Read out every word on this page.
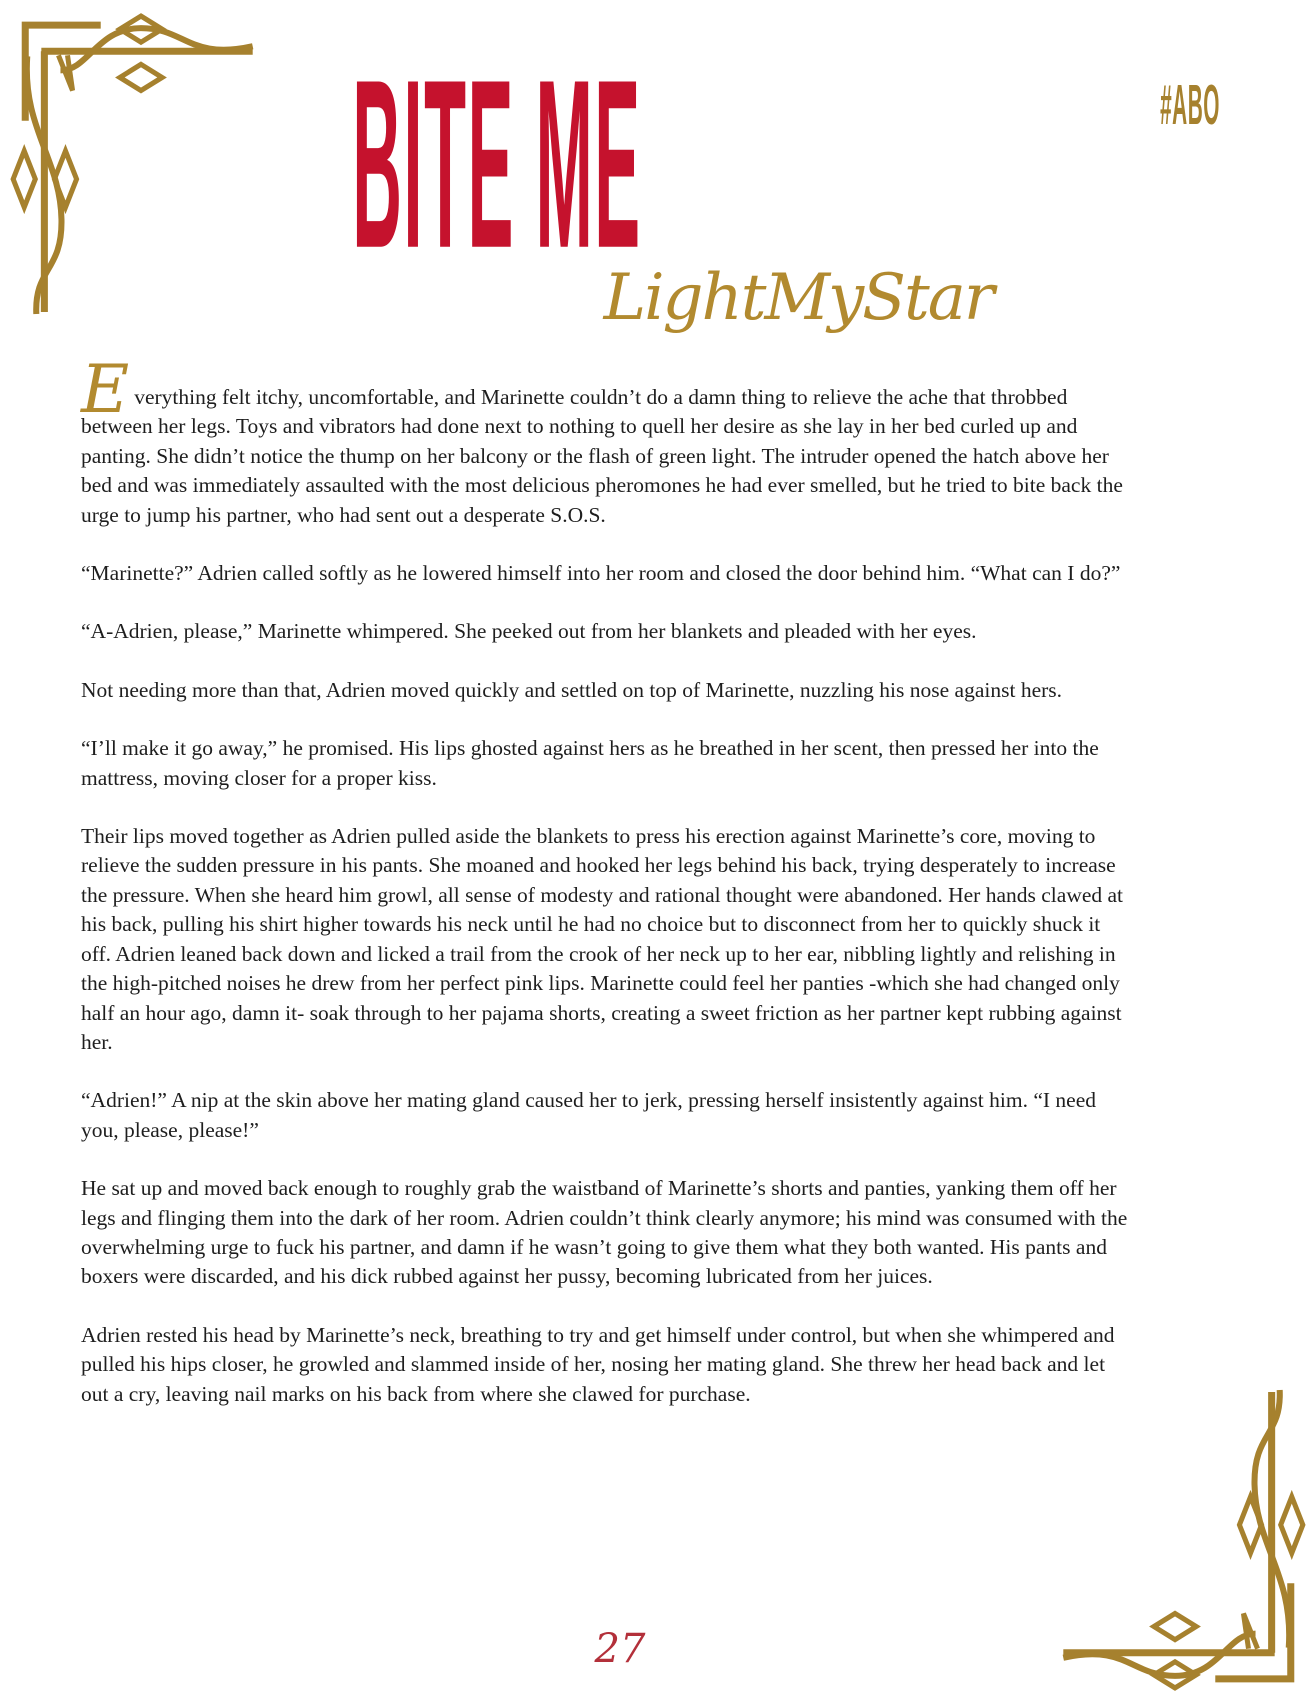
#ABO
BITE ME
LightMyStar

Everything felt itchy, uncomfortable, and Marinette couldn’t do a damn thing to relieve the ache that throbbed between her legs. Toys and vibrators had done next to nothing to quell her desire as she lay in her bed curled up and panting. She didn’t notice the thump on her balcony or the flash of green light. The intruder opened the hatch above her bed and was immediately assaulted with the most delicious pheromones he had ever smelled, but he tried to bite back the urge to jump his partner, who had sent out a desperate S.O.S.

“Marinette?” Adrien called softly as he lowered himself into her room and closed the door behind him. “What can I do?”

“A-Adrien, please,” Marinette whimpered. She peeked out from her blankets and pleaded with her eyes.

Not needing more than that, Adrien moved quickly and settled on top of Marinette, nuzzling his nose against hers.

“I’ll make it go away,” he promised. His lips ghosted against hers as he breathed in her scent, then pressed her into the mattress, moving closer for a proper kiss.

Their lips moved together as Adrien pulled aside the blankets to press his erection against Marinette’s core, moving to relieve the sudden pressure in his pants. She moaned and hooked her legs behind his back, trying desperately to increase the pressure. When she heard him growl, all sense of modesty and rational thought were abandoned. Her hands clawed at his back, pulling his shirt higher towards his neck until he had no choice but to disconnect from her to quickly shuck it off. Adrien leaned back down and licked a trail from the crook of her neck up to her ear, nibbling lightly and relishing in the high-pitched noises he drew from her perfect pink lips. Marinette could feel her panties -which she had changed only half an hour ago, damn it- soak through to her pajama shorts, creating a sweet friction as her partner kept rubbing against her.

“Adrien!” A nip at the skin above her mating gland caused her to jerk, pressing herself insistently against him. “I need you, please, please!”

He sat up and moved back enough to roughly grab the waistband of Marinette’s shorts and panties, yanking them off her legs and flinging them into the dark of her room. Adrien couldn’t think clearly anymore; his mind was consumed with the overwhelming urge to fuck his partner, and damn if he wasn’t going to give them what they both wanted. His pants and boxers were discarded, and his dick rubbed against her pussy, becoming lubricated from her juices.

Adrien rested his head by Marinette’s neck, breathing to try and get himself under control, but when she whimpered and pulled his hips closer, he growled and slammed inside of her, nosing her mating gland. She threw her head back and let out a cry, leaving nail marks on his back from where she clawed for purchase.

27
